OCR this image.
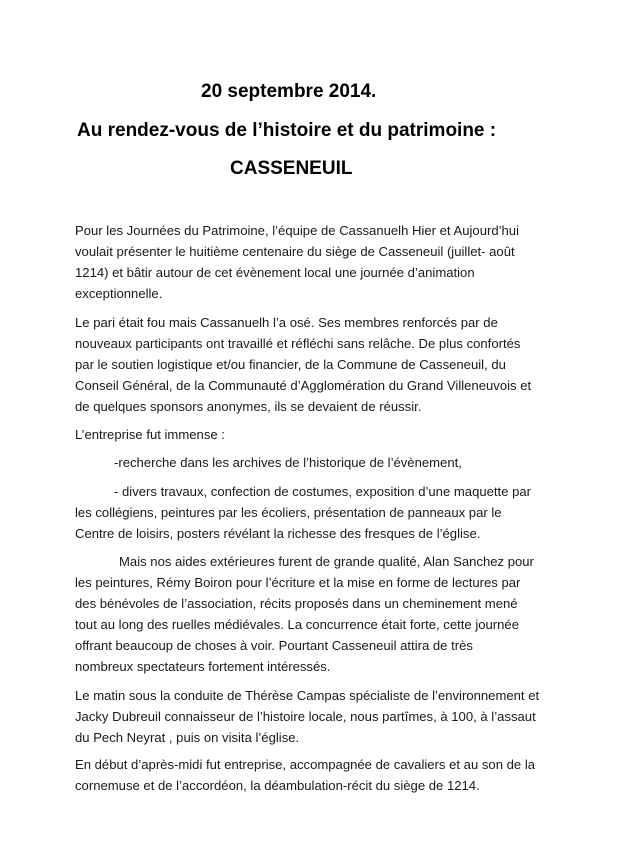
20 septembre 2014.
Au rendez-vous de l’histoire et du patrimoine :
CASSENEUIL
Pour les Journées du Patrimoine, l’équipe de Cassanuelh Hier et Aujourd’hui
voulait présenter le huitième centenaire du siège de Casseneuil (juillet- août
1214) et bâtir autour de cet évènement local une journée d’animation
exceptionnelle.
Le pari était fou mais Cassanuelh l’a osé. Ses membres renforcés par de
nouveaux participants ont travaillé et réfléchi sans relâche. De plus confortés
par le soutien logistique et/ou financier, de la Commune de Casseneuil, du
Conseil Général, de la Communauté d’Agglomération du Grand Villeneuvois et
de quelques sponsors anonymes, ils se devaient de réussir.
L’entreprise fut immense :
-recherche dans les archives de l’historique de l’évènement,
- divers travaux, confection de costumes, exposition d’une maquette par
les collégiens, peintures par les écoliers, présentation de panneaux par le
Centre de loisirs, posters révélant la richesse des fresques de l’église.
Mais nos aides extérieures furent de grande qualité, Alan Sanchez pour
les peintures, Rémy Boiron pour l’écriture et la mise en forme de lectures par
des bénévoles de l’association, récits proposés dans un cheminement mené
tout au long des ruelles médiévales. La concurrence était forte, cette journée
offrant beaucoup de choses à voir. Pourtant Casseneuil attira de très
nombreux spectateurs fortement intéressés.
Le matin sous la conduite de Thérèse Campas spécialiste de l’environnement et
Jacky Dubreuil connaisseur de l’histoire locale, nous partîmes, à 100, à l’assaut
du Pech Neyrat , puis on visita l’église.
En début d’après-midi fut entreprise, accompagnée de cavaliers et au son de la
cornemuse et de l’accordéon, la déambulation-récit du siège de 1214.
